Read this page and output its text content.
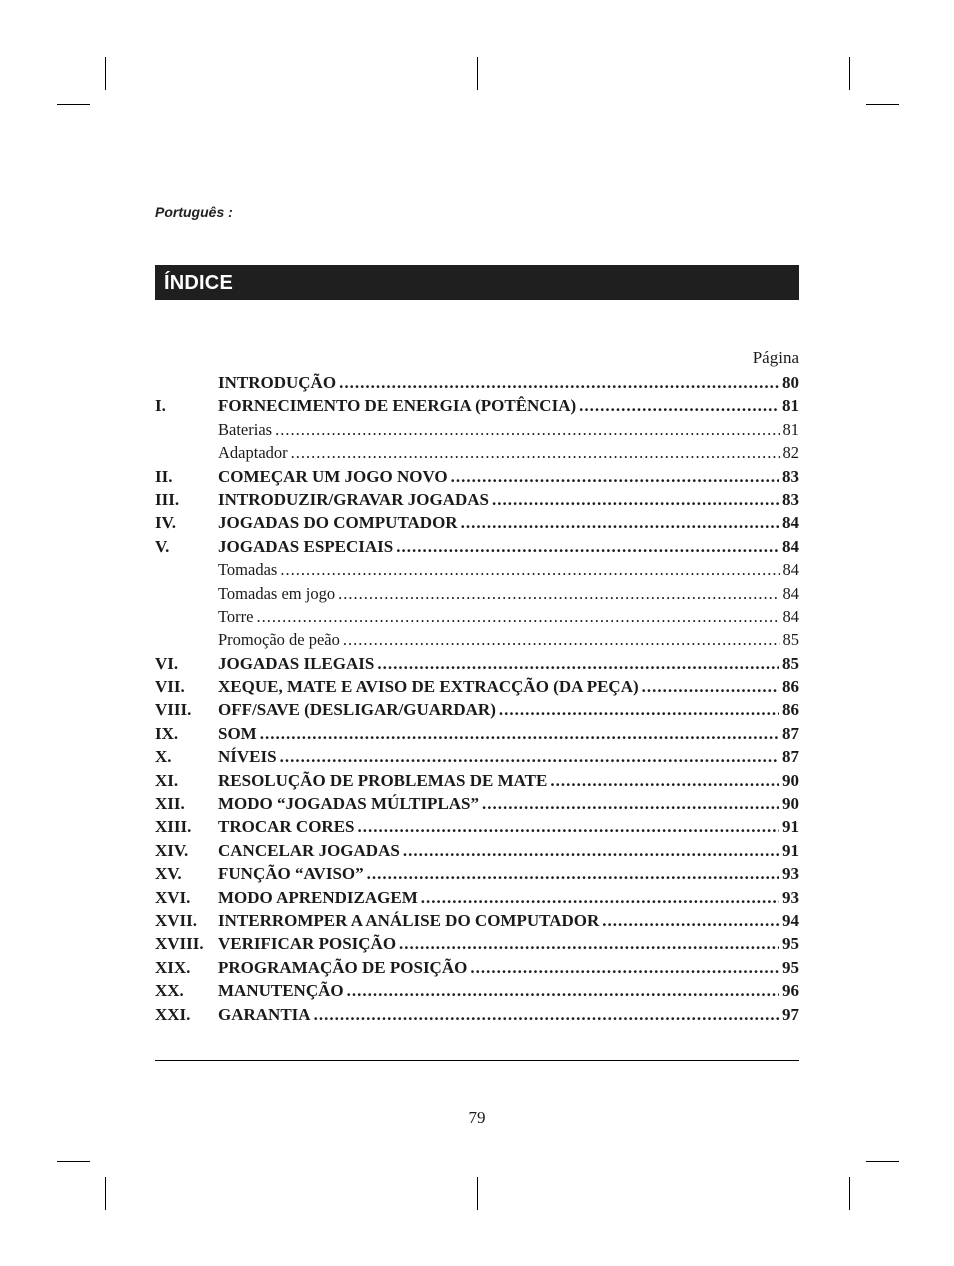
Português :
ÍNDICE
Página
INTRODUÇÃO .....	80
I.	FORNECIMENTO DE ENERGIA (POTÊNCIA) .....	81
Baterias .....	81
Adaptador .....	82
II.	COMEÇAR UM JOGO NOVO .....	83
III.	INTRODUZIR/GRAVAR JOGADAS .....	83
IV.	JOGADAS DO COMPUTADOR .....	84
V.	JOGADAS ESPECIAIS .....	84
Tomadas .....	84
Tomadas em jogo .....	84
Torre .....	84
Promoção de peão .....	85
VI.	JOGADAS ILEGAIS .....	85
VII.	XEQUE, MATE E AVISO DE EXTRACÇÃO (DA PEÇA) .....	86
VIII.	OFF/SAVE (DESLIGAR/GUARDAR) .....	86
IX.	SOM .....	87
X.	NÍVEIS .....	87
XI.	RESOLUÇÃO DE PROBLEMAS DE MATE .....	90
XII.	MODO “JOGADAS MÚLTIPLAS” .....	90
XIII.	TROCAR CORES .....	91
XIV.	CANCELAR JOGADAS .....	91
XV.	FUNÇÃO “AVISO” .....	93
XVI.	MODO APRENDIZAGEM .....	93
XVII.	INTERROMPER A ANÁLISE DO COMPUTADOR .....	94
XVIII. VERIFICAR POSIÇÃO .....	95
XIX.	PROGRAMAÇÃO DE POSIÇÃO .....	95
XX.	MANUTENÇÃO .....	96
XXI.	GARANTIA .....	97
79
